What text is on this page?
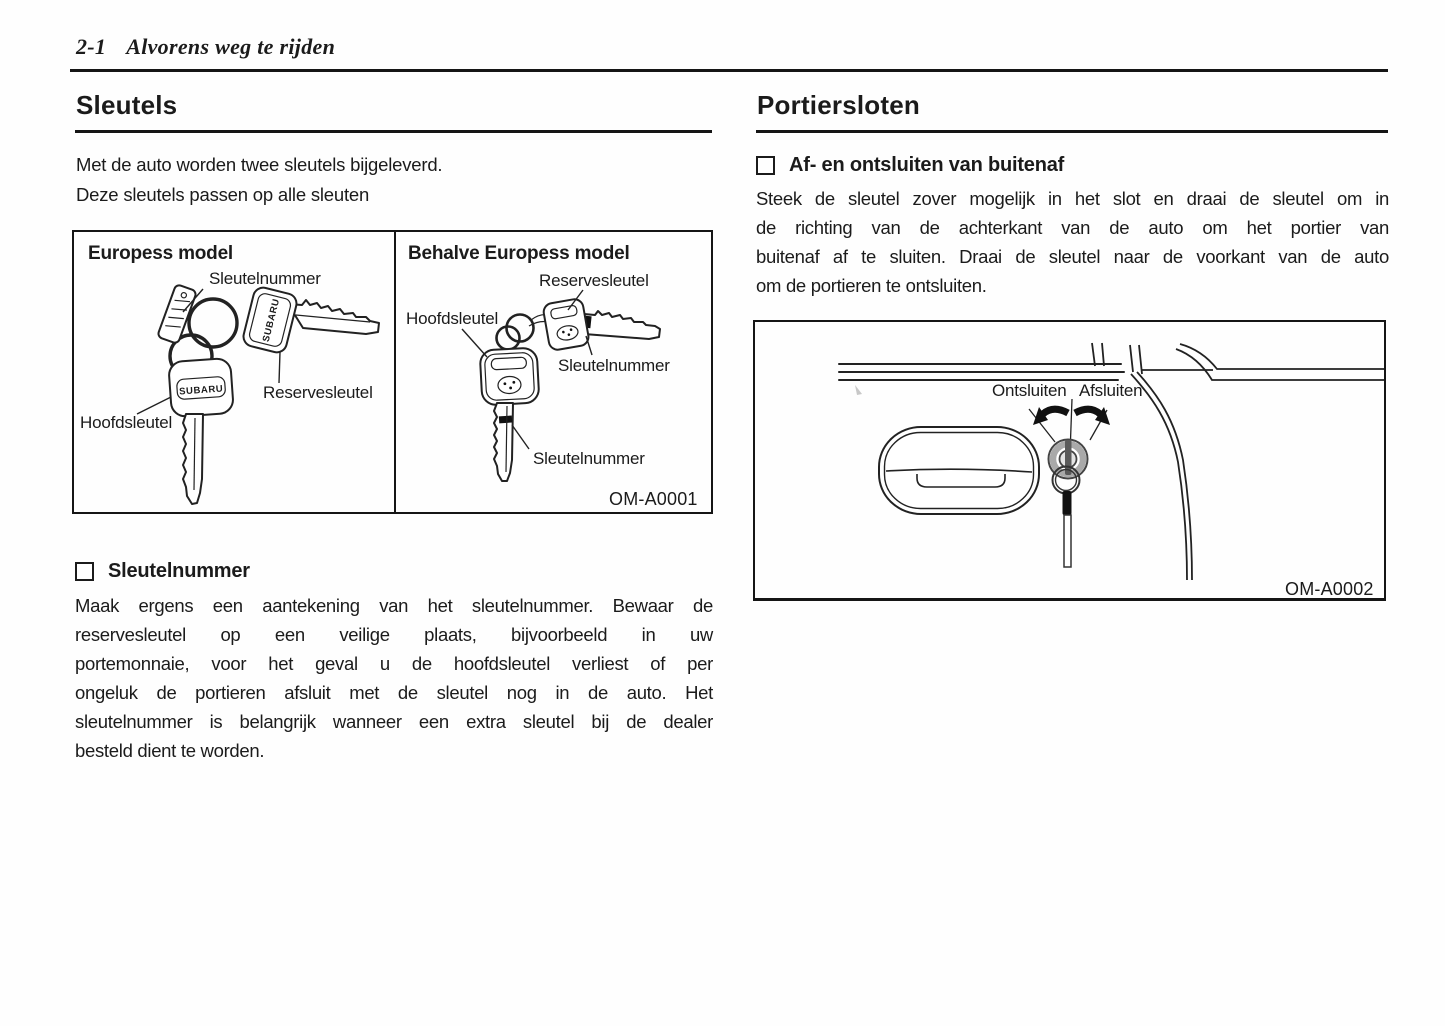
2-1 Alvorens weg te rijden
Sleutels
Met de auto worden twee sleutels bijgeleverd.
Deze sleutels passen op alle sleuten
Europess model
SUBARU
SUBARU
Sleutelnummer
Reservesleutel
Hoofdsleutel
Behalve Europess model
Reservesleutel
Hoofdsleutel
Sleutelnummer
Sleutelnummer
OM-A0001
Sleutelnummer
Maak ergens een aantekening van het sleutelnummer. Bewaar de
reservesleutel op een veilige plaats, bijvoorbeeld in uw
portemonnaie, voor het geval u de hoofdsleutel verliest of per
ongeluk de portieren afsluit met de sleutel nog in de auto. Het
sleutelnummer is belangrijk wanneer een extra sleutel bij de dealer
besteld dient te worden.
Portiersloten
Af- en ontsluiten van buitenaf
Steek de sleutel zover mogelijk in het slot en draai de sleutel om in
de richting van de achterkant van de auto om het portier van
buitenaf af te sluiten. Draai de sleutel naar de voorkant van de auto
om de portieren te ontsluiten.
Ontsluiten Afsluiten
OM-A0002
